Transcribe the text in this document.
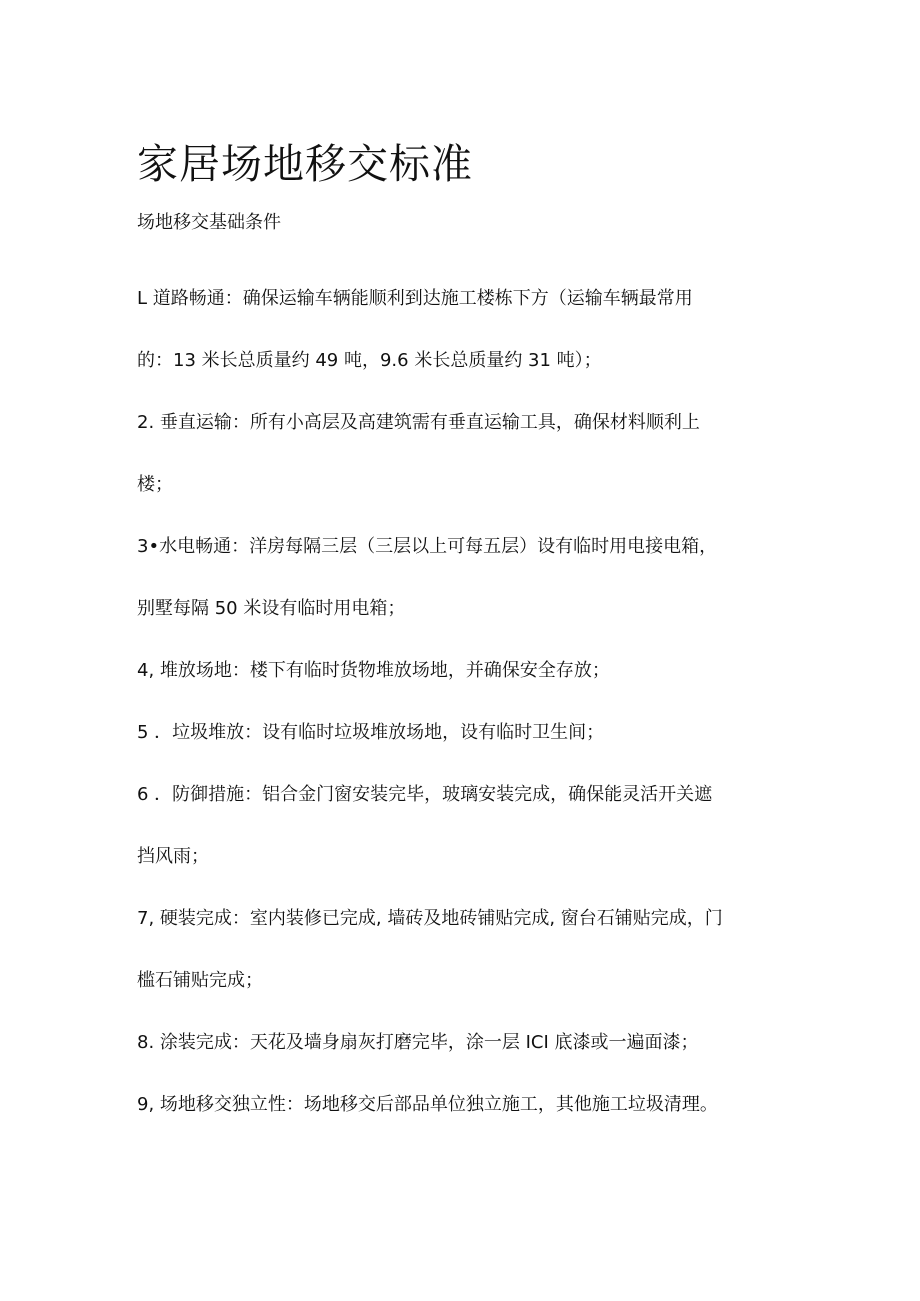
家居场地移交标准
场地移交基础条件

L 道路畅通：确保运输车辆能顺利到达施工楼栋下方（运输车辆最常用
的：13 米长总质量约 49 吨，9.6 米长总质量约 31 吨）；

2. 垂直运输：所有小高层及高建筑需有垂直运输工具，确保材料顺利上
楼；

3•水电畅通：洋房每隔三层（三层以上可每五层）设有临时用电接电箱，
别墅每隔 50 米设有临时用电箱；

4, 堆放场地：楼下有临时货物堆放场地，并确保安全存放；

5 ．垃圾堆放：设有临时垃圾堆放场地，设有临时卫生间；

6 ．防御措施：铝合金门窗安装完毕，玻璃安装完成，确保能灵活开关遮
挡风雨；

7, 硬装完成：室内装修已完成, 墙砖及地砖铺贴完成, 窗台石铺贴完成，门
槛石铺贴完成；

8. 涂装完成：天花及墙身扇灰打磨完毕，涂一层 ICI 底漆或一遍面漆；

9, 场地移交独立性：场地移交后部品单位独立施工，其他施工垃圾清理。
